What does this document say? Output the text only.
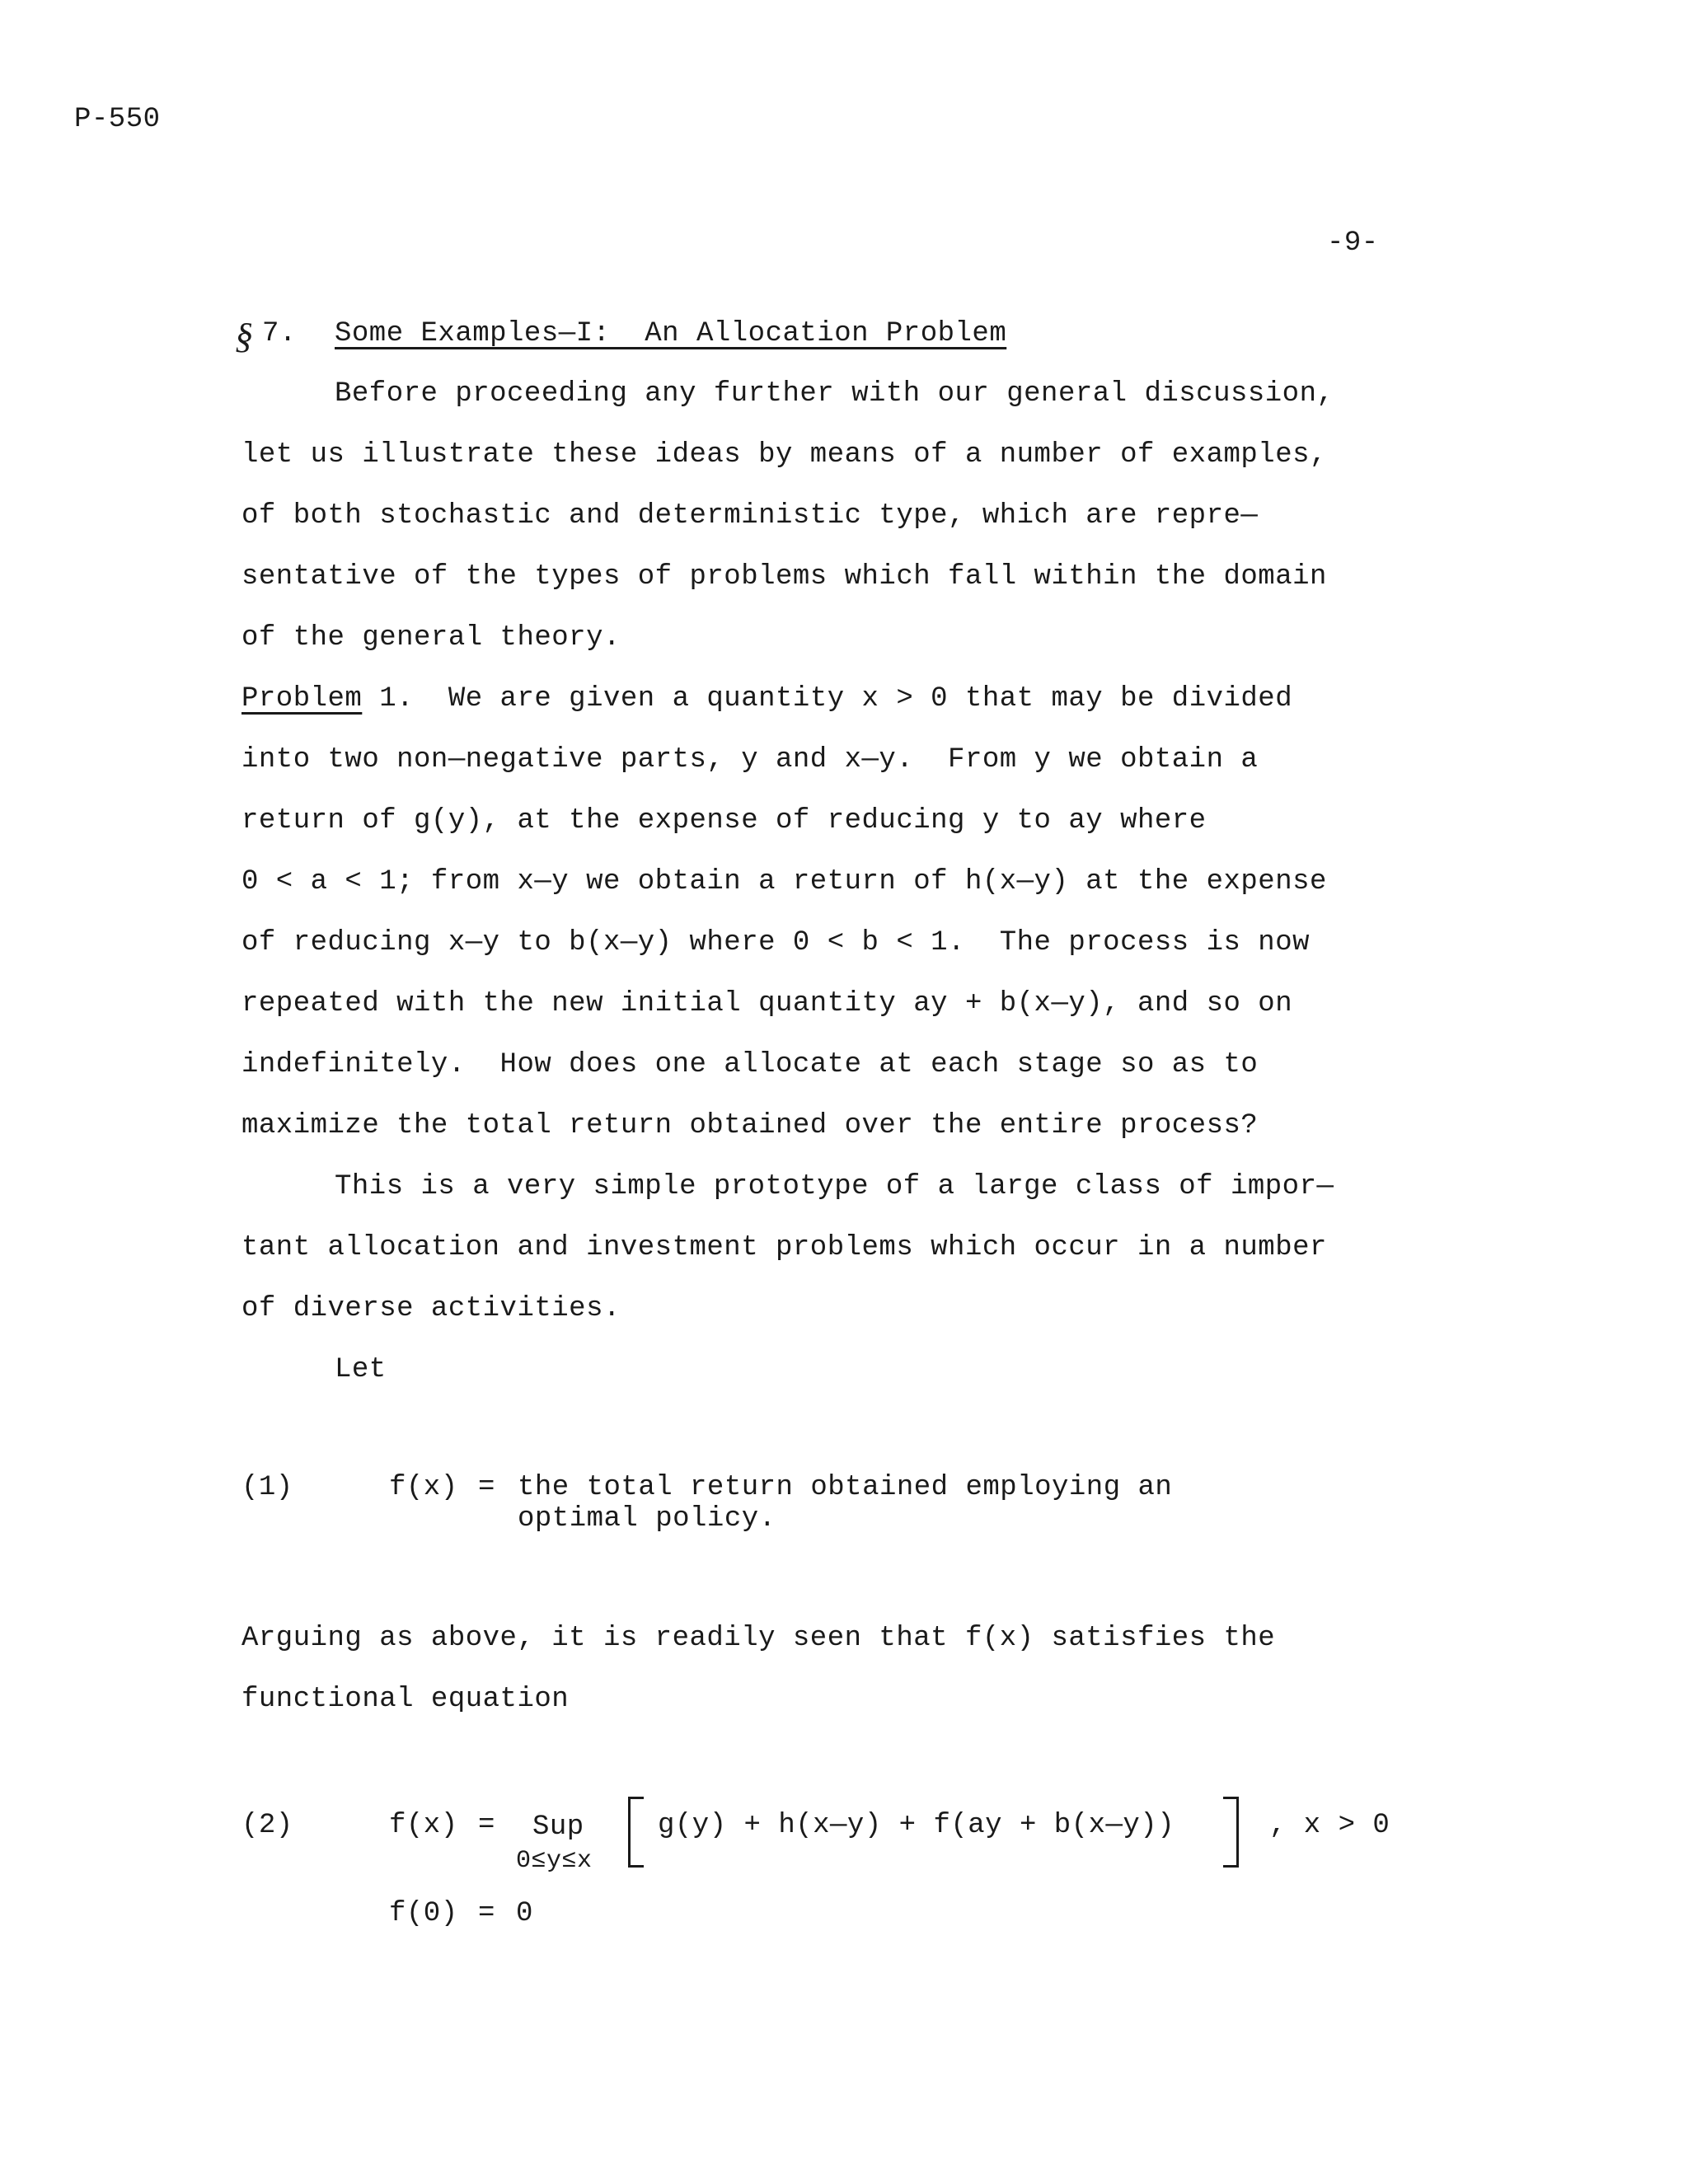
P-550
-9-
§ 7. Some Examples—I:  An Allocation Problem
Before proceeding any further with our general discussion,
let us illustrate these ideas by means of a number of examples,
of both stochastic and deterministic type, which are repre—
sentative of the types of problems which fall within the domain
of the general theory.
Problem 1.  We are given a quantity x > 0 that may be divided
into two non—negative parts, y and x—y.  From y we obtain a
return of g(y), at the expense of reducing y to ay where
0 < a < 1; from x—y we obtain a return of h(x—y) at the expense
of reducing x—y to b(x—y) where 0 < b < 1.  The process is now
repeated with the new initial quantity ay + b(x—y), and so on
indefinitely.  How does one allocate at each stage so as to
maximize the total return obtained over the entire process?
This is a very simple prototype of a large class of impor—
tant allocation and investment problems which occur in a number
of diverse activities.
Let
(1)	f(x) = the total return obtained employing an
optimal policy.
Arguing as above, it is readily seen that f(x) satisfies the
functional equation
(2)	f(x) = Sup
0≤y≤x
g(y) + h(x—y) + f(ay + b(x—y))	, x > 0
f(0) = 0
